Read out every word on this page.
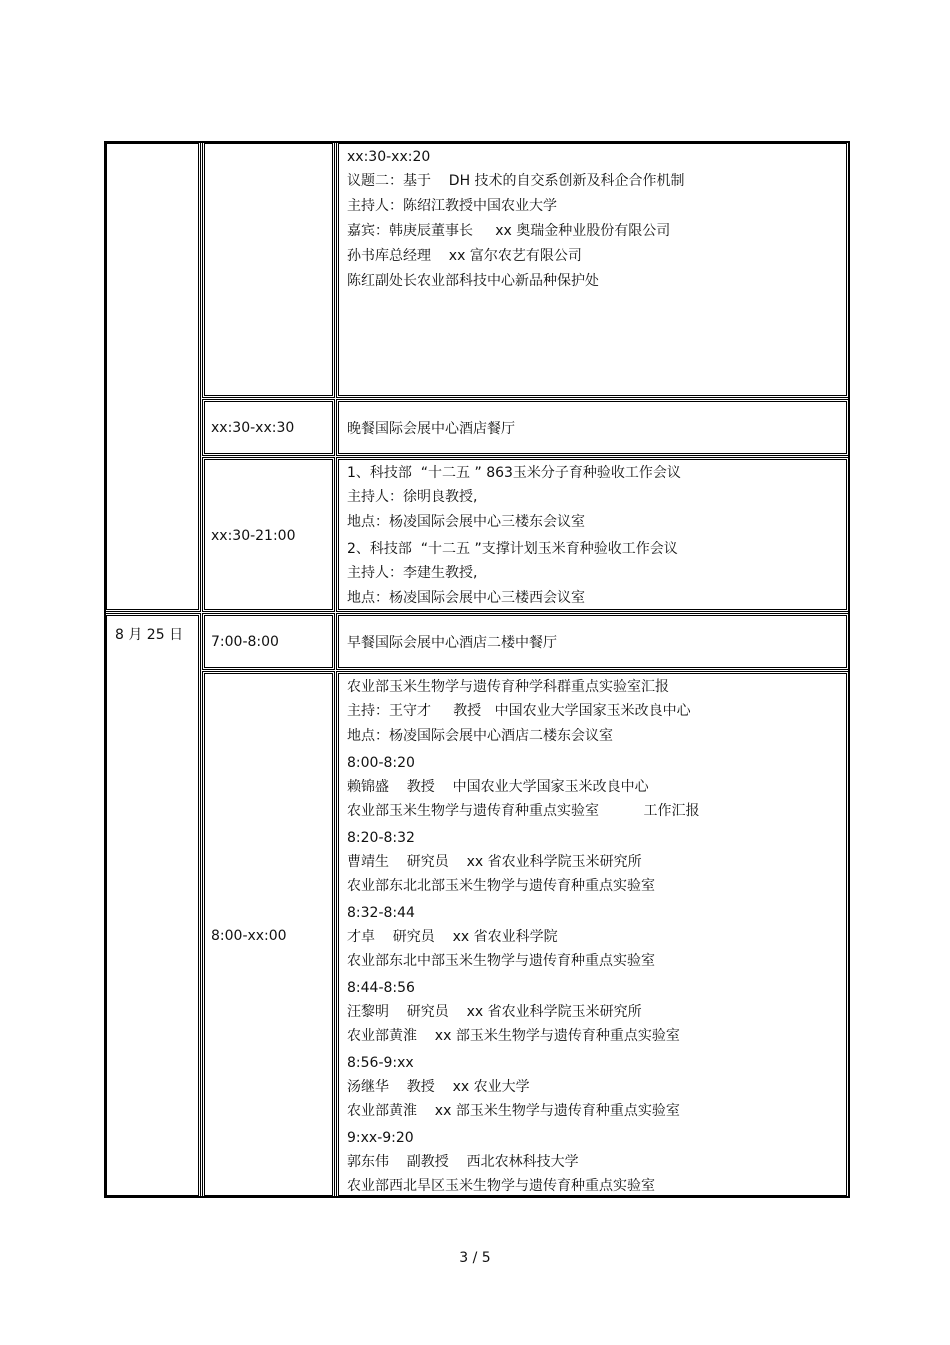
xx:30-xx:20
议题二：基于    DH 技术的自交系创新及科企合作机制
主持人：陈绍江教授中国农业大学
嘉宾：韩庚辰董事长     xx 奥瑞金种业股份有限公司
孙书库总经理    xx 富尔农艺有限公司
陈红副处长农业部科技中心新品种保护处
xx:30-xx:30	晚餐国际会展中心酒店餐厅
xx:30-21:00
1、科技部  “十二五 ” 863玉米分子育种验收工作会议
主持人：徐明良教授,
地点：杨凌国际会展中心三楼东会议室
2、科技部  “十二五 ”支撑计划玉米育种验收工作会议
主持人：李建生教授,
地点：杨凌国际会展中心三楼西会议室
8 月 25 日 7:00-8:00	早餐国际会展中心酒店二楼中餐厅
8:00-xx:00
农业部玉米生物学与遗传育种学科群重点实验室汇报
主持：王守才     教授   中国农业大学国家玉米改良中心
地点：杨凌国际会展中心酒店二楼东会议室
8:00-8:20
赖锦盛    教授    中国农业大学国家玉米改良中心
农业部玉米生物学与遗传育种重点实验室          工作汇报
8:20-8:32
曹靖生    研究员    xx 省农业科学院玉米研究所
农业部东北北部玉米生物学与遗传育种重点实验室
8:32-8:44
才卓    研究员    xx 省农业科学院
农业部东北中部玉米生物学与遗传育种重点实验室
8:44-8:56
汪黎明    研究员    xx 省农业科学院玉米研究所
农业部黄淮    xx 部玉米生物学与遗传育种重点实验室
8:56-9:xx
汤继华    教授    xx 农业大学
农业部黄淮    xx 部玉米生物学与遗传育种重点实验室
9:xx-9:20
郭东伟    副教授    西北农林科技大学
农业部西北旱区玉米生物学与遗传育种重点实验室
3 / 5
